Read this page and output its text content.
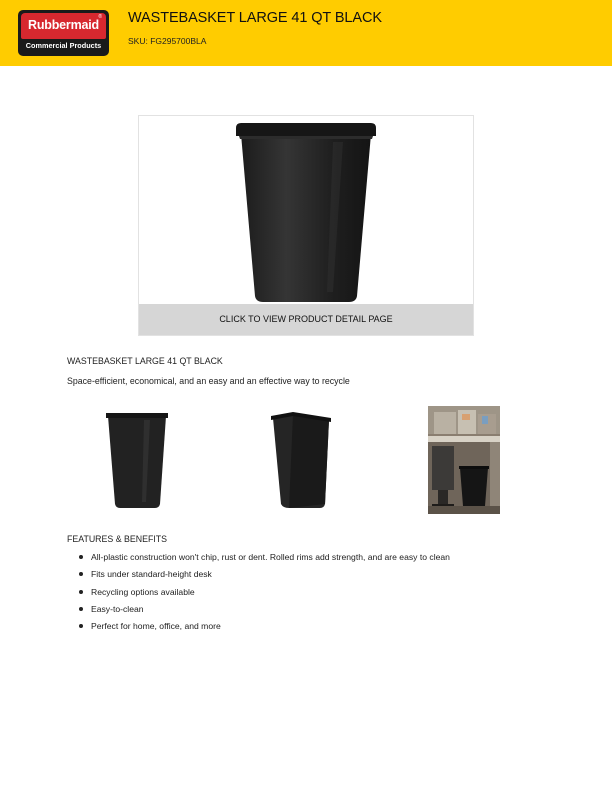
Rubbermaid
®
Commercial Products
WASTEBASKET LARGE 41 QT BLACK
SKU: FG295700BLA
CLICK TO VIEW PRODUCT DETAIL PAGE
WASTEBASKET LARGE 41 QT BLACK
Space-efficient, economical, and an easy and an effective way to recycle
FEATURES & BENEFITS
All-plastic construction won't chip, rust or dent. Rolled rims add strength, and are easy to clean
Fits under standard-height desk
Recycling options available
Easy-to-clean
Perfect for home, office, and more
